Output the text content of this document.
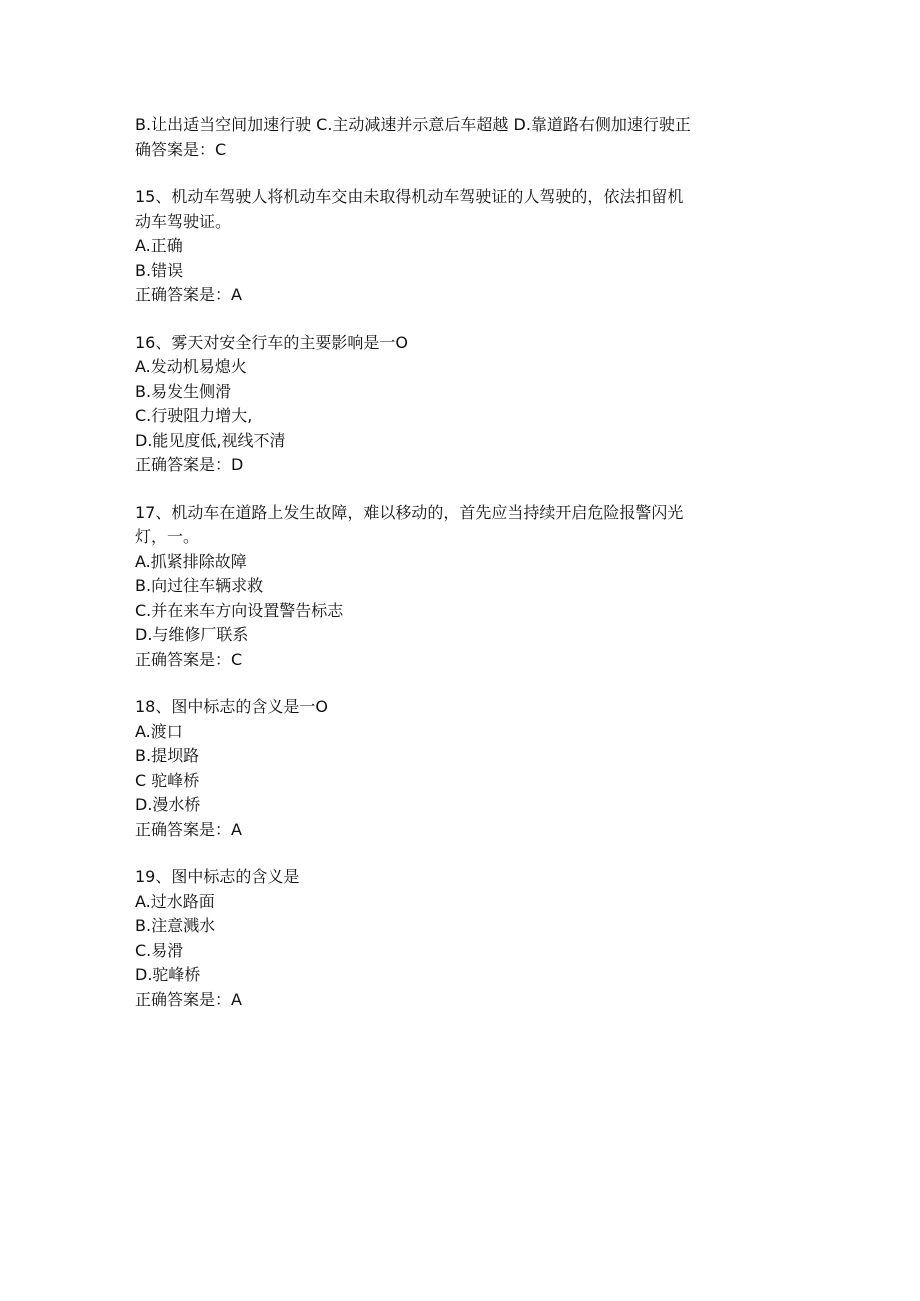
B.让出适当空间加速行驶 C.主动减速并示意后车超越 D.靠道路右侧加速行驶正
确答案是：C
15、机动车驾驶人将机动车交由未取得机动车驾驶证的人驾驶的，依法扣留机
动车驾驶证。
A.正确
B.错误
正确答案是：A
16、雾天对安全行车的主要影响是一O
A.发动机易熄火
B.易发生侧滑
C.行驶阻力增大,
D.能见度低,视线不清
正确答案是：D
17、机动车在道路上发生故障，难以移动的，首先应当持续开启危险报警闪光
灯，一。
A.抓紧排除故障
B.向过往车辆求救
C.并在来车方向设置警告标志
D.与维修厂联系
正确答案是：C
18、图中标志的含义是一O
A.渡口
B.提坝路
C 驼峰桥
D.漫水桥
正确答案是：A
19、图中标志的含义是
A.过水路面
B.注意溅水
C.易滑
D.驼峰桥
正确答案是：A
